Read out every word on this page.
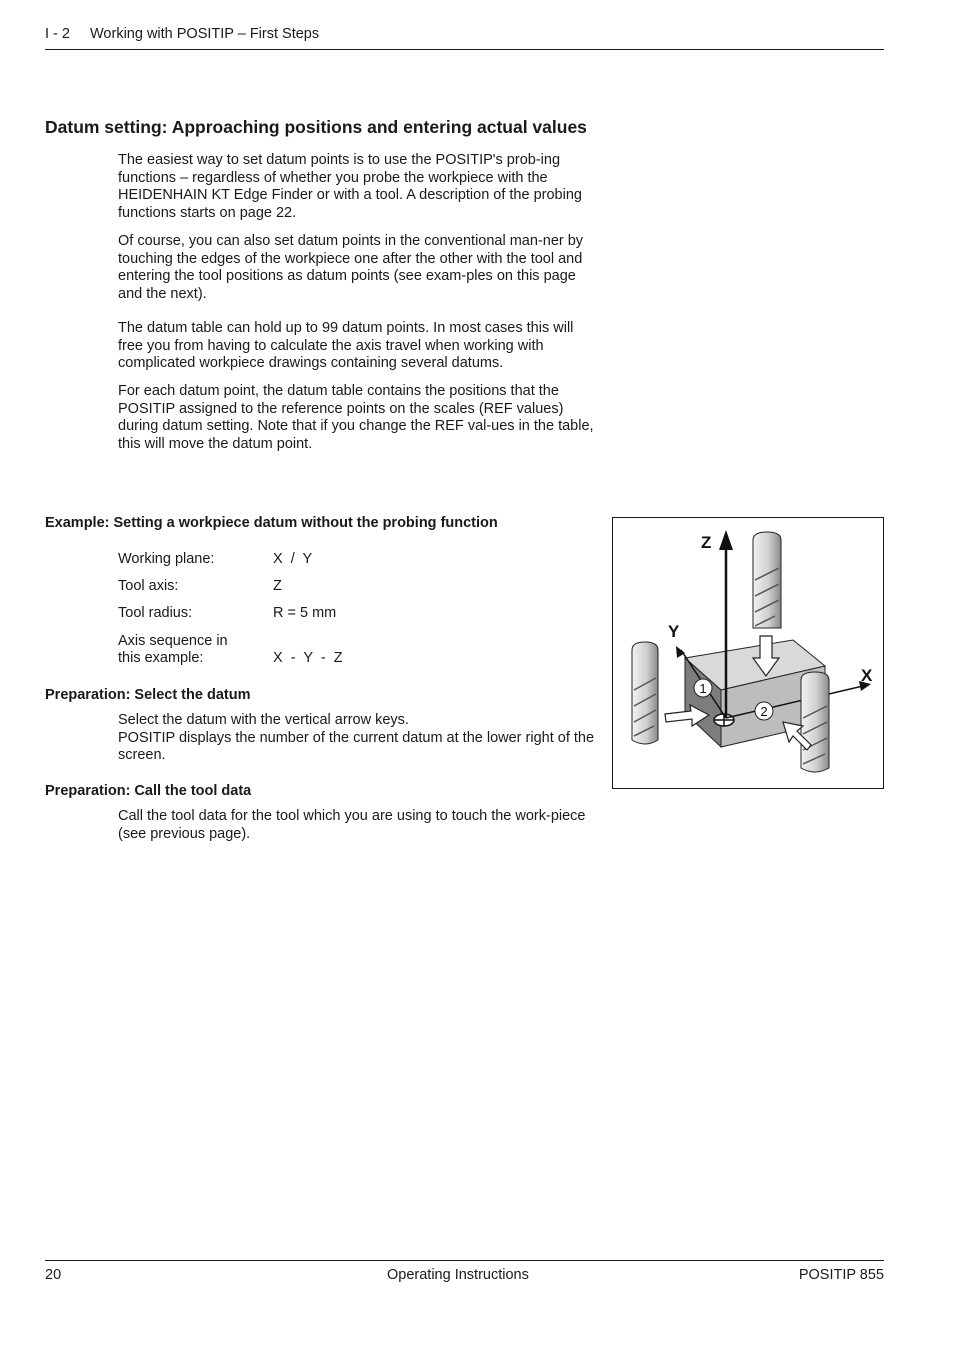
I - 2 Working with POSITIP – First Steps
Datum setting: Approaching positions and entering actual values

The easiest way to set datum points is to use the POSITIP's prob-ing functions – regardless of whether you probe the workpiece with the HEIDENHAIN KT Edge Finder or with a tool. A description of the probing functions starts on page 22.

Of course, you can also set datum points in the conventional man-ner by touching the edges of the workpiece one after the other with the tool and entering the tool positions as datum points (see exam-ples on this page and the next).

The datum table can hold up to 99 datum points. In most cases this will free you from having to calculate the axis travel when working with complicated workpiece drawings containing several datums.

For each datum point, the datum table contains the positions that the POSITIP assigned to the reference points on the scales (REF values) during datum setting. Note that if you change the REF val-ues in the table, this will move the datum point.

Example: Setting a workpiece datum without the probing function
Working plane:	X  /  Y
Tool axis:	Z
Tool radius:	R = 5 mm
Axis sequence in this example:	X  -  Y  -  Z
Preparation: Select the datum

Select the datum with the vertical arrow keys.

POSITIP displays the number of the current datum at the lower right of the screen.

Preparation: Call the tool data

Call the tool data for the tool which you are using to touch the work-piece (see previous page).

Z
Y
X
1
2
20	Operating Instructions	POSITIP 855
